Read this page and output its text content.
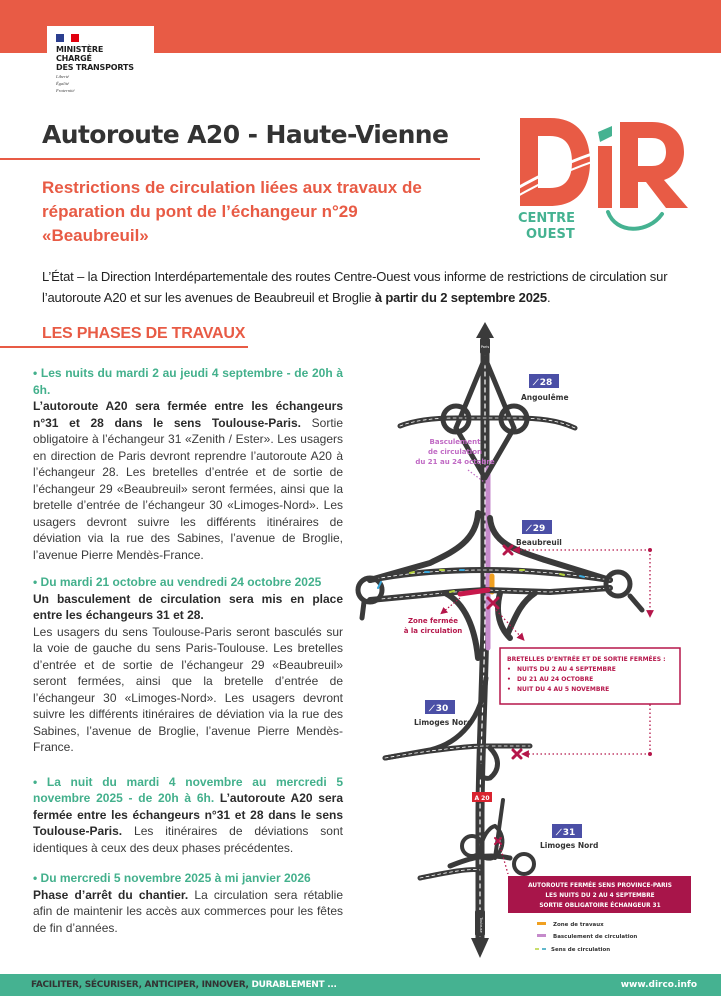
MINISTÈRE
CHARGÉ
DES TRANSPORTS
Liberté
Égalité
Fraternité
Autoroute A20 - Haute-Vienne
Restrictions de circulation liées aux travaux de réparation du pont de l’échangeur n°29 «Beaubreuil»
CENTRE
OUEST

L’État – la Direction Interdépartementale des routes Centre-Ouest vous informe de restrictions de circulation sur l’autoroute A20 et sur les avenues de Beaubreuil et Broglie à partir du 2 septembre 2025.

LES PHASES DE TRAVAUX

• Les nuits du mardi 2 au jeudi 4 septembre - de 20h à 6h.
L’autoroute A20 sera fermée entre les échangeurs n°31 et 28 dans le sens Toulouse-Paris. Sortie obligatoire à l’échangeur 31 «Zenith / Ester». Les usagers en direction de Paris devront reprendre l’autoroute A20 à l’échangeur 28. Les bretelles d’entrée et de sortie de l’échangeur 29 «Beaubreuil» seront fermées, ainsi que la bretelle d’entrée de l’échangeur 30 «Limoges-Nord». Les usagers devront suivre les différents itinéraires de déviation via la rue des Sabines, l’avenue de Broglie, l’avenue Pierre Mendès-France.

• Du mardi 21 octobre au vendredi 24 octobre 2025
Un basculement de circulation sera mis en place entre les échangeurs 31 et 28.
Les usagers du sens Toulouse-Paris seront basculés sur la voie de gauche du sens Paris-Toulouse. Les bretelles d’entrée et de sortie de l’échangeur 29 «Beaubreuil» seront fermées, ainsi que la bretelle d’entrée de l’échangeur 30 «Limoges-Nord». Les usagers devront suivre les différents itinéraires de déviation via la rue des Sabines, l’avenue de Broglie, l’avenue Pierre Mendès-France.

• La nuit du mardi 4 novembre au mercredi 5 novembre 2025 - de 20h à 6h. L’autoroute A20 sera fermée entre les échangeurs n°31 et 28 dans le sens Toulouse-Paris. Les itinéraires de déviations sont identiques à ceux des deux phases précédentes.

• Du mercredi 5 novembre 2025 à mi janvier 2026
Phase d’arrêt du chantier. La circulation sera rétablie afin de maintenir les accès aux commerces pour les fêtes de fin d’années.

Paris
Toulouse
A 20
⟋ 28
Angoulême
⟋ 29
Beaubreuil
⟋ 30
Limoges Nord
⟋ 31
Limoges Nord
Basculement
de circulation
du 21 au 24 octobre
Zone fermée
à la circulation
BRETELLES D’ENTRÉE ET DE SORTIE FERMÉES :
• NUITS DU 2 AU 4 SEPTEMBRE
• DU 21 AU 24 OCTOBRE
• NUIT DU 4 AU 5 NOVEMBRE
AUTOROUTE FERMÉE SENS PROVINCE-PARIS
LES NUITS DU 2 AU 4 SEPTEMBRE
SORTIE OBLIGATOIRE ÉCHANGEUR 31
Zone de travaux
Basculement de circulation
Sens de circulation
FACILITER, SÉCURISER, ANTICIPER, INNOVER, DURABLEMENT ...	www.dirco.info
